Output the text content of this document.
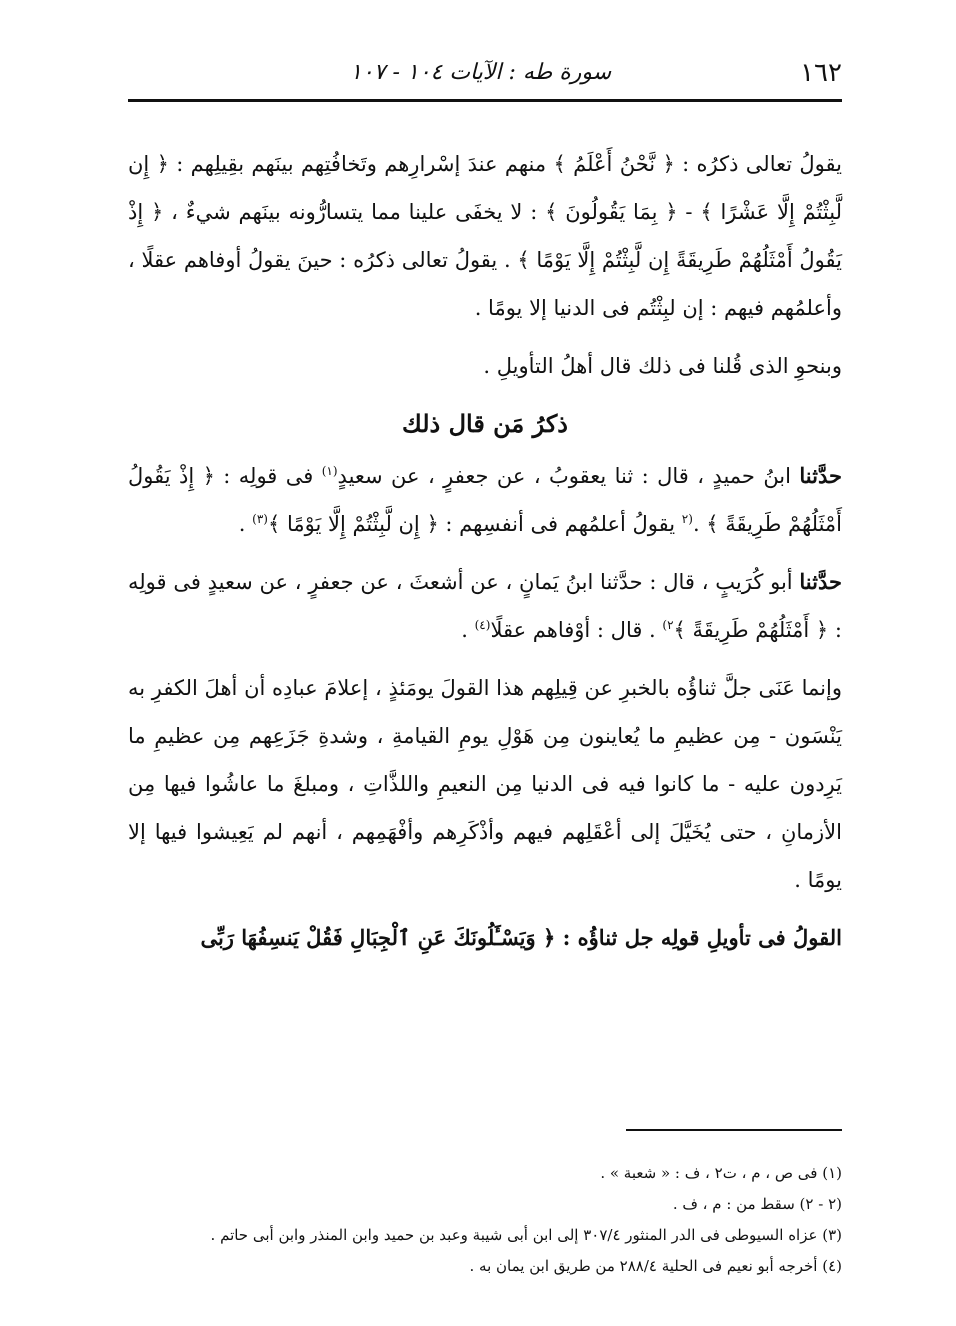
١٦٢
سورة طه : الآيات ١٠٤ - ١٠٧

يقولُ تعالى ذكرُه : ﴿ نَّحْنُ أَعْلَمُ ﴾ منهم عندَ إسْرارِهم وتَخافُتِهم بينَهم بقِيلِهم : ﴿ إِن لَّبِثْتُمْ إِلَّا عَشْرًا ﴾ - ﴿ بِمَا يَقُولُونَ ﴾ : لا يخفَى علينا مما يتسارُّونه بينَهم شيءٌ ، ﴿ إِذْ يَقُولُ أَمْثَلُهُمْ طَرِيقَةً إِن لَّبِثْتُمْ إِلَّا يَوْمًا ﴾ . يقولُ تعالى ذكرُه : حينَ يقولُ أوفاهم عقلًا ، وأعلمُهم فيهم : إن لبِثْتُم فى الدنيا إلا يومًا .

وبنحوِ الذى قُلنا فى ذلك قال أهلُ التأويلِ .

ذكرُ مَن قال ذلك

حدَّثنا ابنُ حميدٍ ، قال : ثنا يعقوبُ ، عن جعفرٍ ، عن سعيدٍ$^{(١)}$ فى قولِه : ﴿ إِذْ يَقُولُ أَمْثَلُهُمْ طَرِيقَةً ﴾ .$^{(٢}$ يقولُ أعلمُهم فى أنفسِهم : ﴿ إِن لَّبِثْتُمْ إِلَّا يَوْمًا ﴾$^{(٣)}$ .

حدَّثنا أبو كُرَيبٍ ، قال : حدَّثنا ابنُ يَمانٍ ، عن أشعثَ ، عن جعفرٍ ، عن سعيدٍ فى قولِه : ﴿ أَمْثَلُهُمْ طَرِيقَةً ﴾$^{٢)}$ . قال : أوْفاهم عقلًا$^{(٤)}$ .

وإنما عَنَى جلَّ ثناؤُه بالخبرِ عن قِيلِهم هذا القولَ يومَئذٍ ، إعلامَ عبادِه أن أهلَ الكفرِ به يَنْسَون - مِن عظيمِ ما يُعاينون مِن هَوْلِ يومِ القيامةِ ، وشدةِ جَزَعِهم مِن عظيمِ ما يَرِدون عليه - ما كانوا فيه فى الدنيا مِن النعيمِ واللذَّاتِ ، ومبلغَ ما عاشُوا فيها مِن الأزمانِ ، حتى يُخَيَّلَ إلى أعْقَلِهم فيهم وأذْكَرِهم وأفْهَمِهم ، أنهم لم يَعِيشوا فيها إلا يومًا .

القولُ فى تأويلِ قولِه جل ثناؤُه : ﴿ وَيَسْـَٔلُونَكَ عَنِ ٱلْجِبَالِ فَقُلْ يَنسِفُهَا رَبِّى

(١) فى ص ، م ، ت٢ ، ف : « شعبة » .

(٢ - ٢) سقط من : م ، ف .

(٣) عزاه السيوطى فى الدر المنثور ٣٠٧/٤ إلى ابن أبى شيبة وعبد بن حميد وابن المنذر وابن أبى حاتم .

(٤) أخرجه أبو نعيم فى الحلية ٢٨٨/٤ من طريق ابن يمان به .
